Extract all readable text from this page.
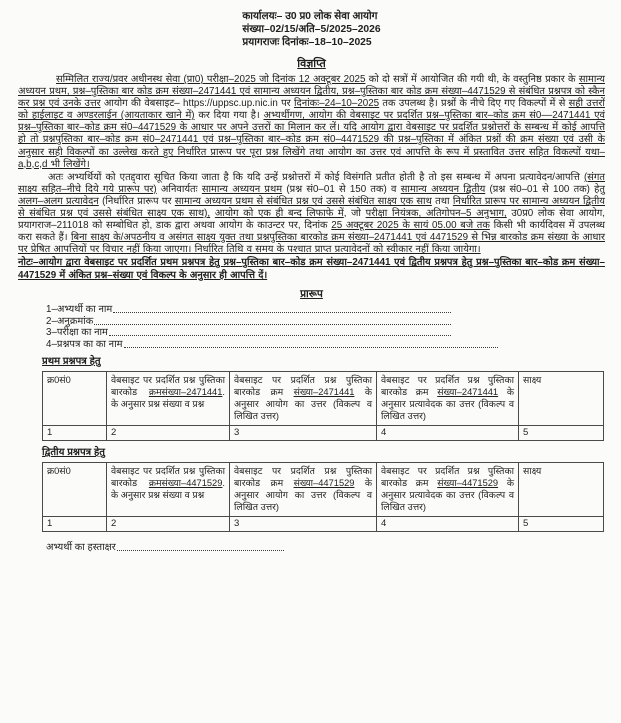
कार्यालयः– उ0 प्र0 लोक सेवा आयोग
संख्या–02/15/अति–5/2025–2026
प्रयागराजः दिनांकः–18–10–2025
विज्ञप्ति

सम्मिलित राज्य/प्रवर अधीनस्थ सेवा (प्रा0) परीक्षा–2025 जो दिनांक 12 अक्टूबर 2025 को दो सत्रों में आयोजित की गयी थी, के वस्तुनिष्ठ प्रकार के सामान्य अध्ययन प्रथम, प्रश्न–पुस्तिका बार कोड क्रम संख्या–2471441 एवं सामान्य अध्ययन द्वितीय, प्रश्न–पुस्तिका बार कोड क्रम संख्या–4471529 से संबंधित प्रश्नपत्र को स्कैन कर प्रश्न एवं उनके उत्तर आयोग की वेबसाइट– https://uppsc.up.nic.in पर दिनांकः–24–10–2025 तक उपलब्ध है। प्रश्नों के नीचे दिए गए विकल्पों में से सही उत्तरों को हाईलाइट व अण्डरलाईन (आयताकार खाने में) कर दिया गया है। अभ्यर्थीगण, आयोग की वेबसाइट पर प्रदर्शित प्रश्न–पुस्तिका बार–कोड क्रम सं0––2471441 एवं प्रश्न–पुस्तिका बार–कोड क्रम सं0–4471529 के आधार पर अपने उत्तरों का मिलान कर लें। यदि आयोग द्वारा वेबसाइट पर प्रदर्शित प्रश्नोत्तरों के सम्बन्ध में कोई आपत्ति हो तो प्रश्नपुस्तिका बार–कोड क्रम सं0–2471441 एवं प्रश्न–पुस्तिका बार–कोड क्रम सं0–4471529 की प्रश्न–पुस्तिका में अंकित प्रश्नों की क्रम संख्या एवं उसी के अनुसार सही विकल्पों का उल्लेख करते हुए निर्धारित प्रारूप पर पूरा प्रश्न लिखेंगे तथा आयोग का उत्तर एवं आपत्ति के रूप में प्रस्तावित उत्तर सहित विकल्पों यथा–a,b,c,d भी लिखेंगे।

अतः अभ्यर्थियों को एतद्द्वारा सूचित किया जाता है कि यदि उन्हें प्रश्नोत्तरों में कोई विसंगति प्रतीत होती है तो इस सम्बन्ध में अपना प्रत्यावेदन/आपत्ति (संगत साक्ष्य सहित–नीचे दिये गये प्रारूप पर) अनिवार्यतः सामान्य अध्ययन प्रथम (प्रश्न सं0–01 से 150 तक) व सामान्य अध्ययन द्वितीय (प्रश्न सं0–01 से 100 तक) हेतु अलग–अलग प्रत्यावेदन (निर्धारित प्रारूप पर सामान्य अध्ययन प्रथम से संबंधित प्रश्न एवं उससे संबंधित साक्ष्य एक साथ तथा निर्धारित प्रारूप पर सामान्य अध्ययन द्वितीय से संबंधित प्रश्न एवं उससे संबंधित साक्ष्य एक साथ), आयोग को एक ही बन्द लिफाफे में, जो परीक्षा नियंत्रक, अतिगोपन–5 अनुभाग, उ0प्र0 लोक सेवा आयोग, प्रयागराज–211018 को सम्बोधित हो, डाक द्वारा अथवा आयोग के काउन्टर पर, दिनांक 25 अक्टूबर 2025 के सायं 05.00 बजे तक किसी भी कार्यदिवस में उपलब्ध करा सकते हैं। बिना साक्ष्य के/अपठनीय व असंगत साक्ष्य युक्त तथा प्रश्नपुस्तिका बारकोड क्रम संख्या–2471441 एवं 4471529 से भिन्न बारकोड क्रम संख्या के आधार पर प्रेषित आपत्तियों पर विचार नहीं किया जाएगा। निर्धारित तिथि व समय के पश्चात प्राप्त प्रत्यावेदनों को स्वीकार नहीं किया जायेगा।

नोटः–आयोग द्वारा वेबसाइट पर प्रदर्शित प्रथम प्रश्नपत्र हेतु प्रश्न–पुस्तिका बार–कोड क्रम संख्या–2471441 एवं द्वितीय प्रश्नपत्र हेतु प्रश्न–पुस्तिका बार–कोड क्रम संख्या–4471529 में अंकित प्रश्न–संख्या एवं विकल्प के अनुसार ही आपत्ति दें।

प्रारूप
1–अभ्यर्थी का नाम
2–अनुक्रमांक
3–परीक्षा का नाम
4–प्रश्नपत्र का का नाम
प्रथम प्रश्नपत्र हेतु
क्र0सं0	वेबसाइट पर प्रदर्शित प्रश्न पुस्तिका बारकोड क्रमसंख्या–2471441. के अनुसार प्रश्न संख्या व प्रश्न	वेबसाइट पर प्रदर्शित प्रश्न पुस्तिका बारकोड क्रम संख्या–2471441 के अनुसार आयोग का उत्तर (विकल्प व लिखित उत्तर)	वेबसाइट पर प्रदर्शित प्रश्न पुस्तिका बारकोड क्रम संख्या–2471441 के अनुसार प्रत्यावेदक का उत्तर (विकल्प व लिखित उत्तर)	साक्ष्य
1	2	3	4	5
द्वितीय प्रश्नपत्र हेतु
क्र0सं0	वेबसाइट पर प्रदर्शित प्रश्न पुस्तिका बारकोड क्रमसंख्या–4471529. के अनुसार प्रश्न संख्या व प्रश्न	वेबसाइट पर प्रदर्शित प्रश्न पुस्तिका बारकोड क्रम संख्या–4471529 के अनुसार आयोग का उत्तर (विकल्प व लिखित उत्तर)	वेबसाइट पर प्रदर्शित प्रश्न पुस्तिका बारकोड क्रम संख्या–4471529 के अनुसार प्रत्यावेदक का उत्तर (विकल्प व लिखित उत्तर)	साक्ष्य
1	2	3	4	5
अभ्यर्थी का हस्ताक्षर
